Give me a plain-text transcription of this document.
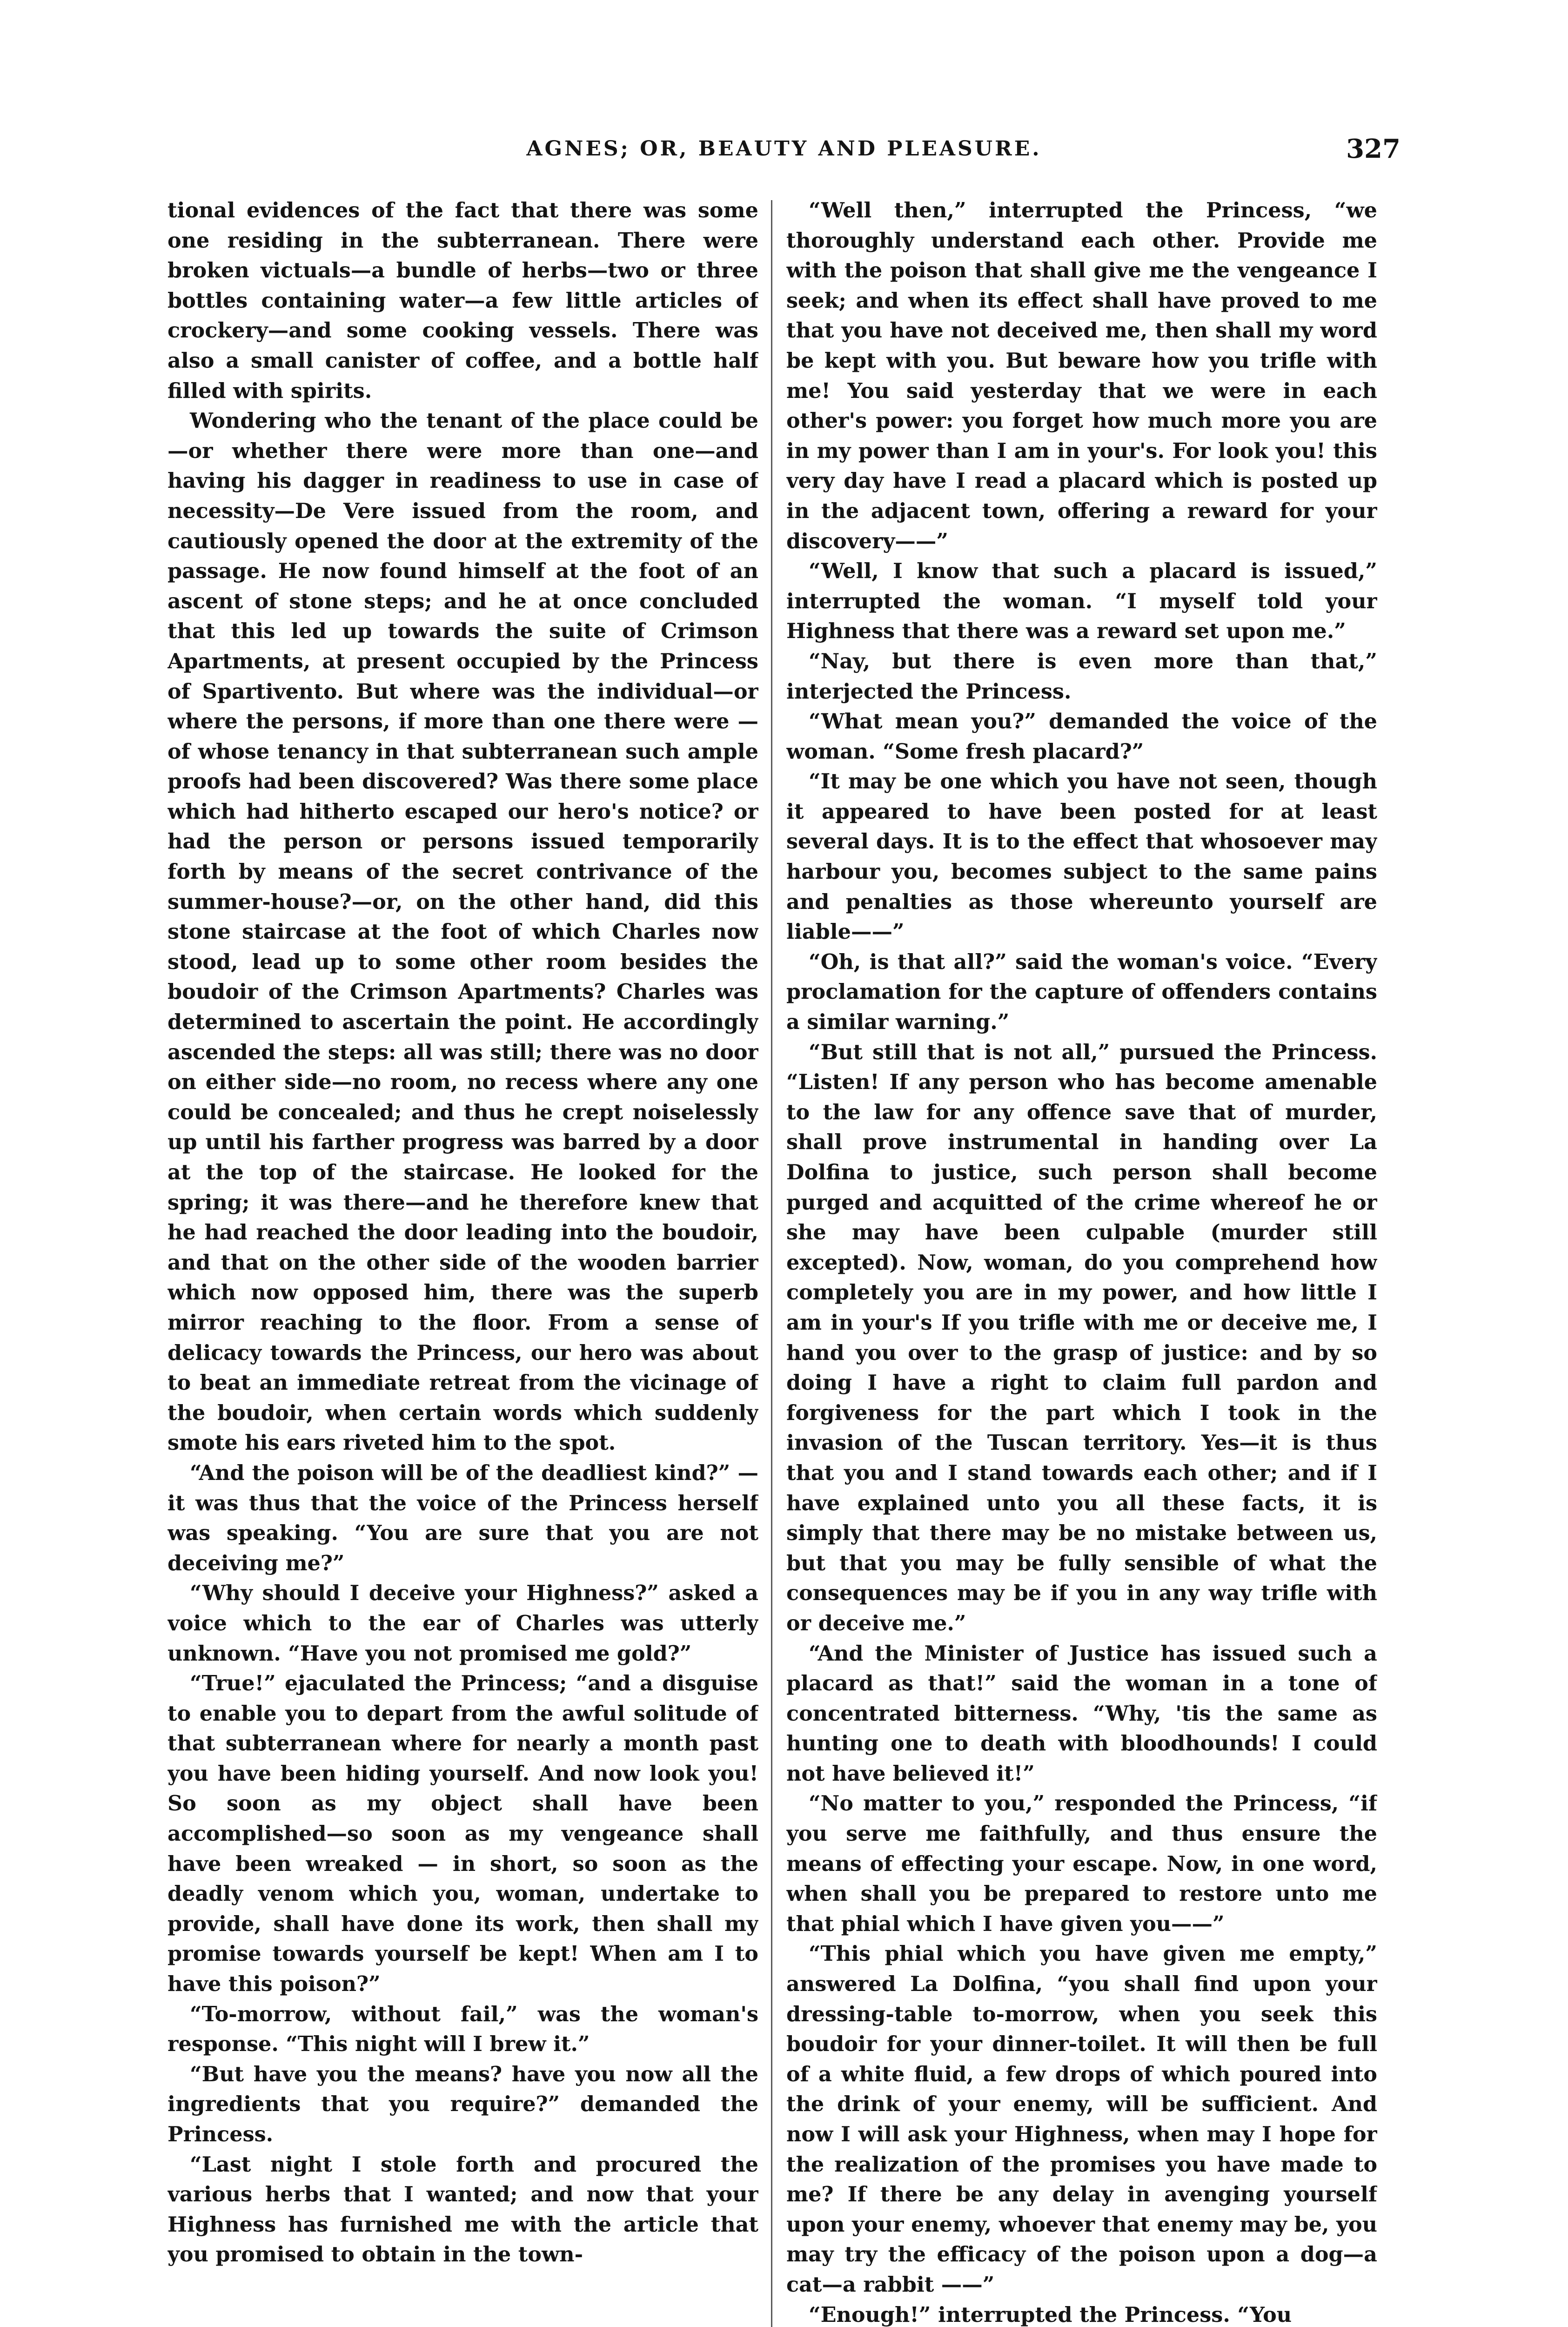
AGNES; OR, BEAUTY AND PLEASURE.	327

tional evidences of the fact that there was some one residing in the subterranean. There were broken victuals—a bundle of herbs—two or three bottles containing water—a few little articles of crockery—and some cooking vessels. There was also a small canister of coffee, and a bottle half filled with spirits.

Wondering who the tenant of the place could be—or whether there were more than one—and having his dagger in readiness to use in case of necessity—De Vere issued from the room, and cautiously opened the door at the extremity of the passage. He now found himself at the foot of an ascent of stone steps; and he at once concluded that this led up towards the suite of Crimson Apartments, at present occupied by the Princess of Spartivento. But where was the individual—or where the persons, if more than one there were —of whose tenancy in that subterranean such ample proofs had been discovered? Was there some place which had hitherto escaped our hero's notice? or had the person or persons issued temporarily forth by means of the secret contrivance of the summer-house?—or, on the other hand, did this stone staircase at the foot of which Charles now stood, lead up to some other room besides the boudoir of the Crimson Apartments? Charles was determined to ascertain the point. He accordingly ascended the steps: all was still; there was no door on either side—no room, no recess where any one could be concealed; and thus he crept noiselessly up until his farther progress was barred by a door at the top of the staircase. He looked for the spring; it was there—and he therefore knew that he had reached the door leading into the boudoir, and that on the other side of the wooden barrier which now opposed him, there was the superb mirror reaching to the floor. From a sense of delicacy towards the Princess, our hero was about to beat an immediate retreat from the vicinage of the boudoir, when certain words which suddenly smote his ears riveted him to the spot.

“And the poison will be of the deadliest kind?” —it was thus that the voice of the Princess herself was speaking. “You are sure that you are not deceiving me?”

“Why should I deceive your Highness?” asked a voice which to the ear of Charles was utterly unknown. “Have you not promised me gold?”

“True!” ejaculated the Princess; “and a disguise to enable you to depart from the awful solitude of that subterranean where for nearly a month past you have been hiding yourself. And now look you! So soon as my object shall have been accomplished—so soon as my vengeance shall have been wreaked — in short, so soon as the deadly venom which you, woman, undertake to provide, shall have done its work, then shall my promise towards yourself be kept! When am I to have this poison?”

“To-morrow, without fail,” was the woman's response. “This night will I brew it.”

“But have you the means? have you now all the ingredients that you require?” demanded the Princess.

“Last night I stole forth and procured the various herbs that I wanted; and now that your Highness has furnished me with the article that you promised to obtain in the town-

“Well then,” interrupted the Princess, “we thoroughly understand each other. Provide me with the poison that shall give me the vengeance I seek; and when its effect shall have proved to me that you have not deceived me, then shall my word be kept with you. But beware how you trifle with me! You said yesterday that we were in each other's power: you forget how much more you are in my power than I am in your's. For look you! this very day have I read a placard which is posted up in the adjacent town, offering a reward for your discovery——”

“Well, I know that such a placard is issued,” interrupted the woman. “I myself told your Highness that there was a reward set upon me.”

“Nay, but there is even more than that,” interjected the Princess.

“What mean you?” demanded the voice of the woman. “Some fresh placard?”

“It may be one which you have not seen, though it appeared to have been posted for at least several days. It is to the effect that whosoever may harbour you, becomes subject to the same pains and penalties as those whereunto yourself are liable——”

“Oh, is that all?” said the woman's voice. “Every proclamation for the capture of offenders contains a similar warning.”

“But still that is not all,” pursued the Princess. “Listen! If any person who has become amenable to the law for any offence save that of murder, shall prove instrumental in handing over La Dolfina to justice, such person shall become purged and acquitted of the crime whereof he or she may have been culpable (murder still excepted). Now, woman, do you comprehend how completely you are in my power, and how little I am in your's If you trifle with me or deceive me, I hand you over to the grasp of justice: and by so doing I have a right to claim full pardon and forgiveness for the part which I took in the invasion of the Tuscan territory. Yes—it is thus that you and I stand towards each other; and if I have explained unto you all these facts, it is simply that there may be no mistake between us, but that you may be fully sensible of what the consequences may be if you in any way trifle with or deceive me.”

“And the Minister of Justice has issued such a placard as that!” said the woman in a tone of concentrated bitterness. “Why, 'tis the same as hunting one to death with bloodhounds! I could not have believed it!”

“No matter to you,” responded the Princess, “if you serve me faithfully, and thus ensure the means of effecting your escape. Now, in one word, when shall you be prepared to restore unto me that phial which I have given you——”

“This phial which you have given me empty,” answered La Dolfina, “you shall find upon your dressing-table to-morrow, when you seek this boudoir for your dinner-toilet. It will then be full of a white fluid, a few drops of which poured into the drink of your enemy, will be sufficient. And now I will ask your Highness, when may I hope for the realization of the promises you have made to me? If there be any delay in avenging yourself upon your enemy, whoever that enemy may be, you may try the efficacy of the poison upon a dog—a cat—a rabbit ——”

“Enough!” interrupted the Princess. “You
